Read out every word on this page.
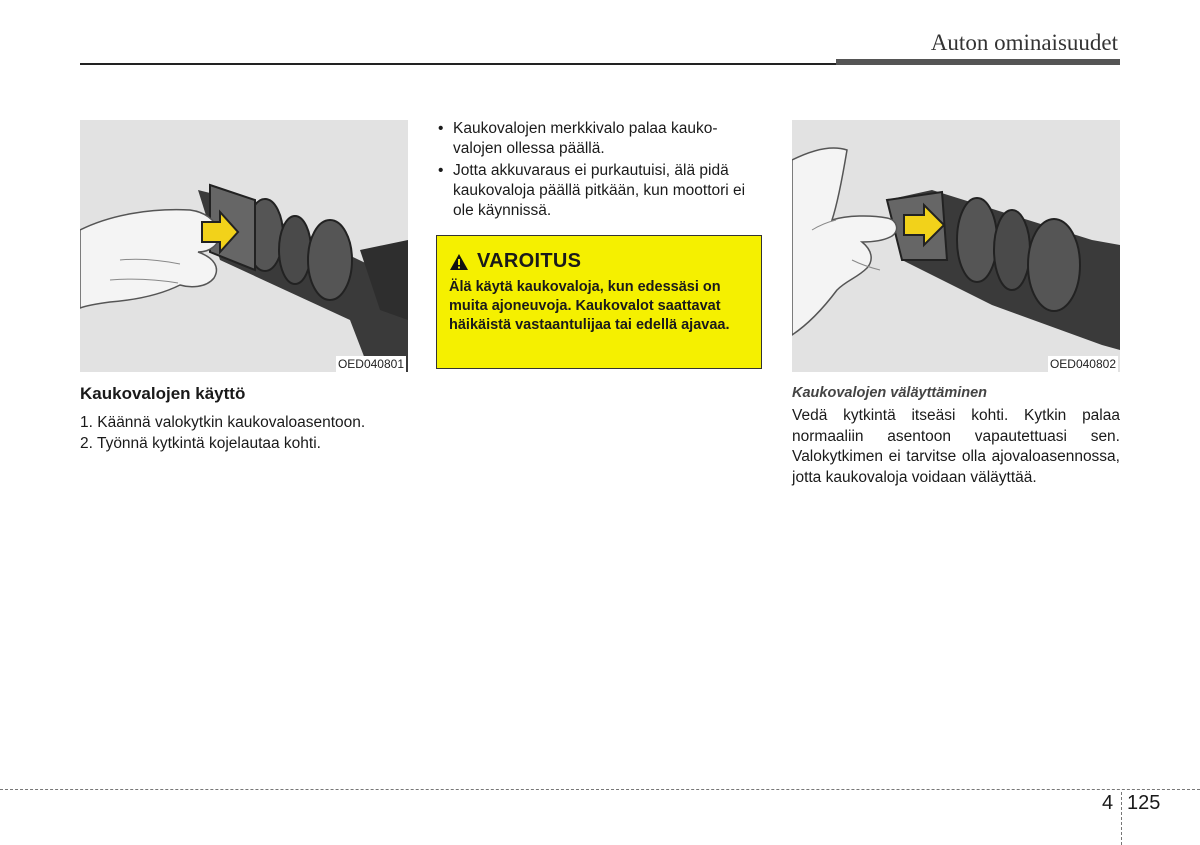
Auton ominaisuudet
OED040801
Kaukovalojen käyttö
1. Käännä valokytkin kaukovaloasentoon.
2. Työnnä kytkintä kojelautaa kohti.
• Kaukovalojen merkkivalo palaa kauko-valojen ollessa päällä.
• Jotta akkuvaraus ei purkautuisi, älä pidä kaukovaloja päällä pitkään, kun moottori ei ole käynnissä.
VAROITUS
Älä käytä kaukovaloja, kun edessäsi on muita ajoneuvoja. Kaukovalot saattavat häikäistä vastaantulijaa tai edellä ajavaa.
OED040802
Kaukovalojen väläyttäminen
Vedä kytkintä itseäsi kohti. Kytkin palaa normaaliin asentoon vapautettuasi sen. Valokytkimen ei tarvitse olla ajovaloasennossa, jotta kaukovaloja voidaan väläyttää.
4 125
